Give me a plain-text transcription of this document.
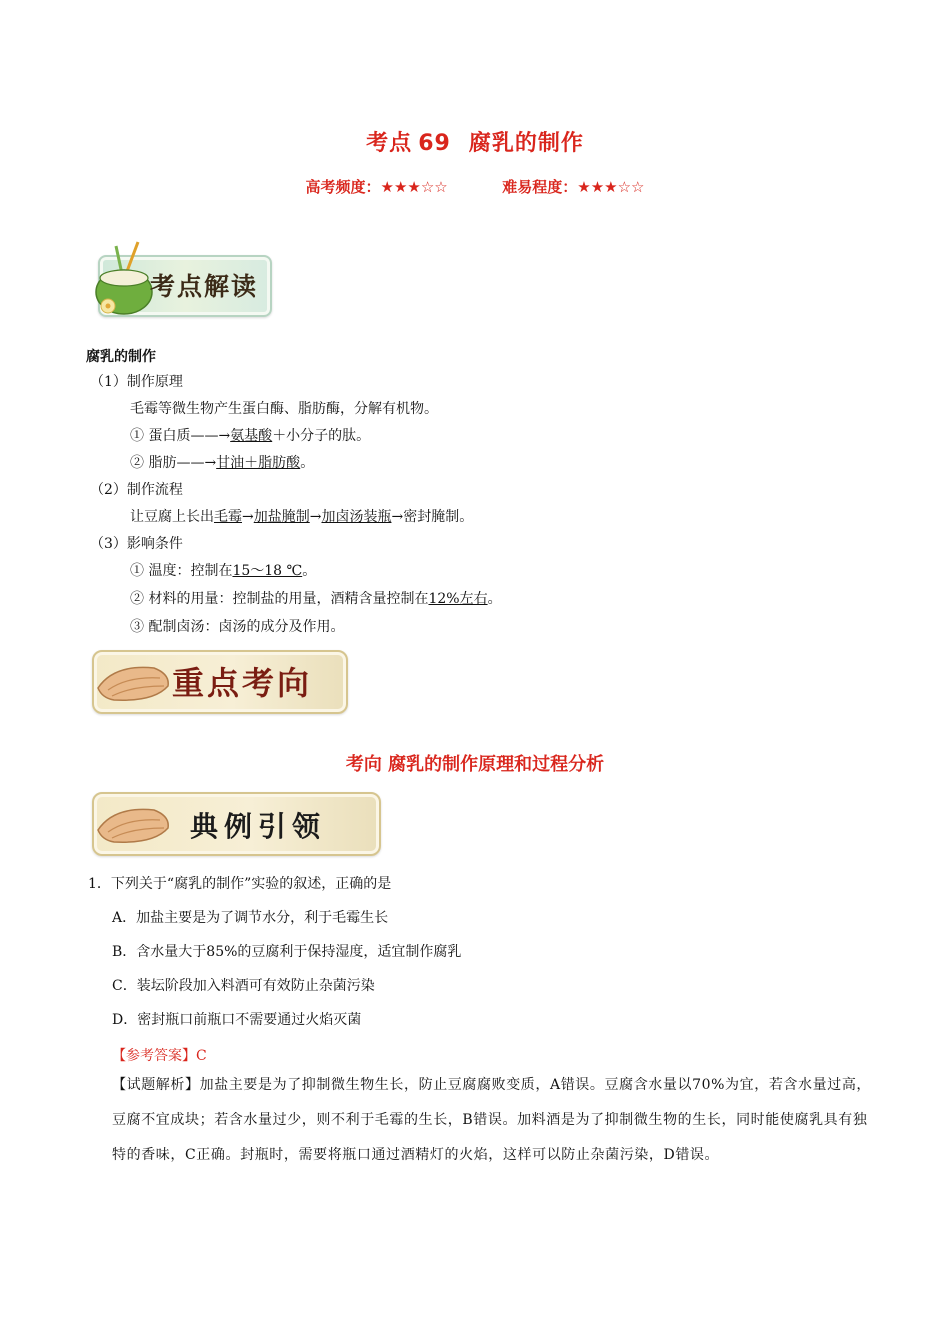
考点 69 腐乳的制作
高考频度：★★★☆☆	难易程度：★★★☆☆
考点解读
腐乳的制作
（1）制作原理
毛霉等微生物产生蛋白酶、脂肪酶，分解有机物。
① 蛋白质——→氨基酸＋小分子的肽。
② 脂肪——→甘油＋脂肪酸。
（2）制作流程
让豆腐上长出毛霉→加盐腌制→加卤汤装瓶→密封腌制。
（3）影响条件
① 温度：控制在15～18 ℃。
② 材料的用量：控制盐的用量，酒精含量控制在12%左右。
③ 配制卤汤：卤汤的成分及作用。
重点考向
考向 腐乳的制作原理和过程分析
典例引领
1．下列关于“腐乳的制作”实验的叙述，正确的是
A．加盐主要是为了调节水分，利于毛霉生长
B．含水量大于85%的豆腐利于保持湿度，适宜制作腐乳
C．装坛阶段加入料酒可有效防止杂菌污染
D．密封瓶口前瓶口不需要通过火焰灭菌
【参考答案】C
【试题解析】加盐主要是为了抑制微生物生长，防止豆腐腐败变质，A错误。豆腐含水量以70%为宜，若含水量过高，豆腐不宜成块；若含水量过少，则不利于毛霉的生长，B错误。加料酒是为了抑制微生物的生长，同时能使腐乳具有独特的香味，C正确。封瓶时，需要将瓶口通过酒精灯的火焰，这样可以防止杂菌污染，D错误。
